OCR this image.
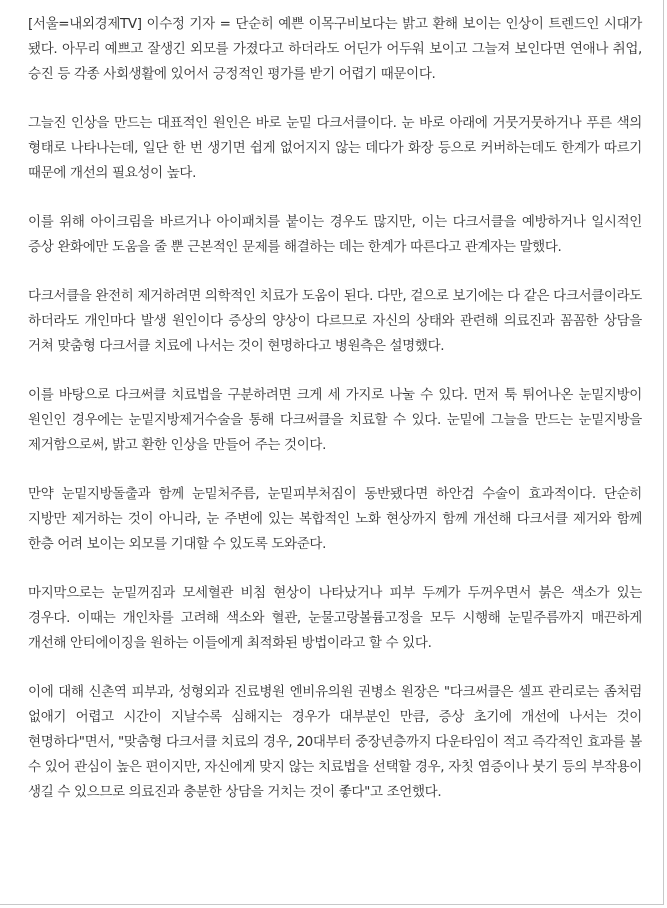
[서울=내외경제TV] 이수정 기자 = 단순히 예쁜 이목구비보다는 밝고 환해 보이는 인상이 트렌드인 시대가 됐다. 아무리 예쁘고 잘생긴 외모를 가졌다고 하더라도 어딘가 어두워 보이고 그늘져 보인다면 연애나 취업, 승진 등 각종 사회생활에 있어서 긍정적인 평가를 받기 어렵기 때문이다.

그늘진 인상을 만드는 대표적인 원인은 바로 눈밑 다크서클이다. 눈 바로 아래에 거뭇거뭇하거나 푸른 색의 형태로 나타나는데, 일단 한 번 생기면 쉽게 없어지지 않는 데다가 화장 등으로 커버하는데도 한계가 따르기 때문에 개선의 필요성이 높다.

이를 위해 아이크림을 바르거나 아이패치를 붙이는 경우도 많지만, 이는 다크서클을 예방하거나 일시적인 증상 완화에만 도움을 줄 뿐 근본적인 문제를 해결하는 데는 한계가 따른다고 관계자는 말했다.

다크서클을 완전히 제거하려면 의학적인 치료가 도움이 된다. 다만, 겉으로 보기에는 다 같은 다크서클이라도 하더라도 개인마다 발생 원인이다 증상의 양상이 다르므로 자신의 상태와 관련해 의료진과 꼼꼼한 상담을 거쳐 맞춤형 다크서클 치료에 나서는 것이 현명하다고 병원측은 설명했다.

이를 바탕으로 다크써클 치료법을 구분하려면 크게 세 가지로 나눌 수 있다. 먼저 툭 튀어나온 눈밑지방이 원인인 경우에는 눈밑지방제거수술을 통해 다크써클을 치료할 수 있다. 눈밑에 그늘을 만드는 눈밑지방을 제거함으로써, 밝고 환한 인상을 만들어 주는 것이다.

만약 눈밑지방돌출과 함께 눈밑처주름, 눈밑피부처짐이 동반됐다면 하안검 수술이 효과적이다. 단순히 지방만 제거하는 것이 아니라, 눈 주변에 있는 복합적인 노화 현상까지 함께 개선해 다크서클 제거와 함께 한층 어려 보이는 외모를 기대할 수 있도록 도와준다.

마지막으로는 눈밑꺼짐과 모세혈관 비침 현상이 나타났거나 피부 두께가 두꺼우면서 붉은 색소가 있는 경우다. 이때는 개인차를 고려해 색소와 혈관, 눈물고랑볼륨고정을 모두 시행해 눈밑주름까지 매끈하게 개선해 안티에이징을 원하는 이들에게 최적화된 방법이라고 할 수 있다.

이에 대해 신촌역 피부과, 성형외과 진료병원 엔비유의원 권병소 원장은 "다크써클은 셀프 관리로는 좀처럼 없애기 어렵고 시간이 지날수록 심해지는 경우가 대부분인 만큼, 증상 초기에 개선에 나서는 것이 현명하다"면서, "맞춤형 다크서클 치료의 경우, 20대부터 중장년층까지 다운타임이 적고 즉각적인 효과를 볼 수 있어 관심이 높은 편이지만, 자신에게 맞지 않는 치료법을 선택할 경우, 자칫 염증이나 붓기 등의 부작용이 생길 수 있으므로 의료진과 충분한 상담을 거치는 것이 좋다"고 조언했다.
